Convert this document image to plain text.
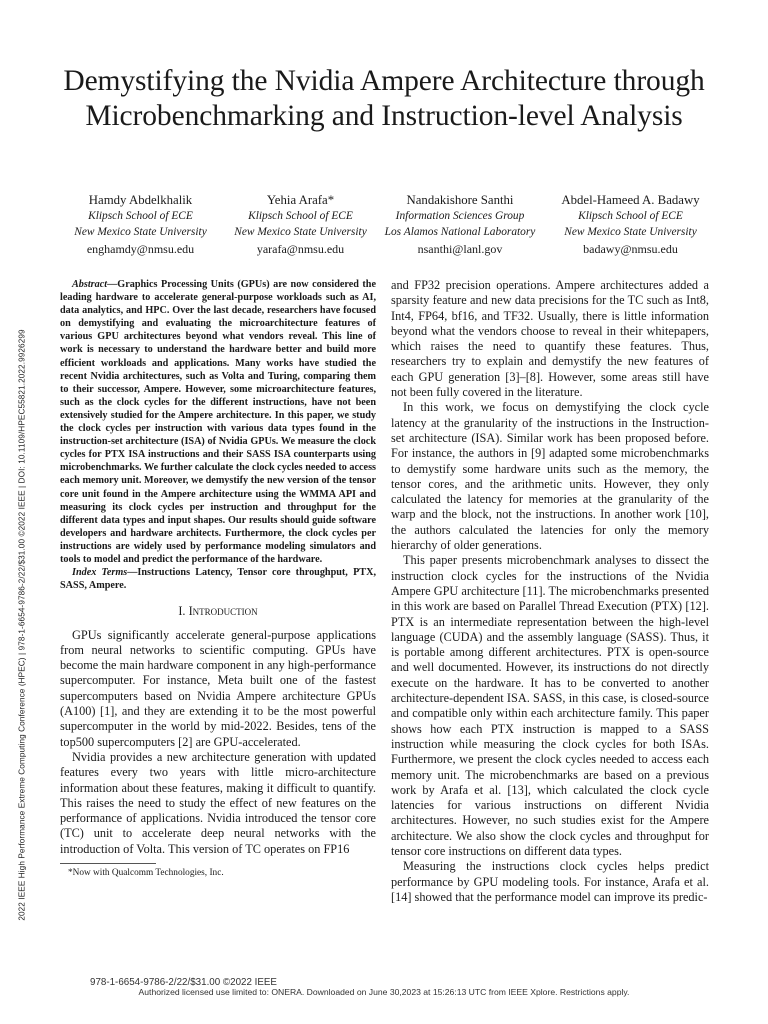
Demystifying the Nvidia Ampere Architecture through Microbenchmarking and Instruction-level Analysis
Hamdy Abdelkhalik
Klipsch School of ECE
New Mexico State University
enghamdy@nmsu.edu
Yehia Arafa*
Klipsch School of ECE
New Mexico State University
yarafa@nmsu.edu
Nandakishore Santhi
Information Sciences Group
Los Alamos National Laboratory
nsanthi@lanl.gov
Abdel-Hameed A. Badawy
Klipsch School of ECE
New Mexico State University
badawy@nmsu.edu
2022 IEEE High Performance Extreme Computing Conference (HPEC) | 978-1-6654-9786-2/22/$31.00 ©2022 IEEE | DOI: 10.1109/HPEC55821.2022.9926299

Abstract—Graphics Processing Units (GPUs) are now considered the leading hardware to accelerate general-purpose workloads such as AI, data analytics, and HPC. Over the last decade, researchers have focused on demystifying and evaluating the microarchitecture features of various GPU architectures beyond what vendors reveal. This line of work is necessary to understand the hardware better and build more efficient workloads and applications. Many works have studied the recent Nvidia architectures, such as Volta and Turing, comparing them to their successor, Ampere. However, some microarchitecture features, such as the clock cycles for the different instructions, have not been extensively studied for the Ampere architecture. In this paper, we study the clock cycles per instruction with various data types found in the instruction-set architecture (ISA) of Nvidia GPUs. We measure the clock cycles for PTX ISA instructions and their SASS ISA counterparts using microbenchmarks. We further calculate the clock cycles needed to access each memory unit. Moreover, we demystify the new version of the tensor core unit found in the Ampere architecture using the WMMA API and measuring its clock cycles per instruction and throughput for the different data types and input shapes. Our results should guide software developers and hardware architects. Furthermore, the clock cycles per instructions are widely used by performance modeling simulators and tools to model and predict the performance of the hardware.

Index Terms—Instructions Latency, Tensor core throughput, PTX, SASS, Ampere.

I. Introduction

GPUs significantly accelerate general-purpose applications from neural networks to scientific computing. GPUs have become the main hardware component in any high-performance supercomputer. For instance, Meta built one of the fastest supercomputers based on Nvidia Ampere architecture GPUs (A100) [1], and they are extending it to be the most powerful supercomputer in the world by mid-2022. Besides, tens of the top500 supercomputers [2] are GPU-accelerated.

Nvidia provides a new architecture generation with updated features every two years with little micro-architecture information about these features, making it difficult to quantify. This raises the need to study the effect of new features on the performance of applications. Nvidia introduced the tensor core (TC) unit to accelerate deep neural networks with the introduction of Volta. This version of TC operates on FP16

*Now with Qualcomm Technologies, Inc.

and FP32 precision operations. Ampere architectures added a sparsity feature and new data precisions for the TC such as Int8, Int4, FP64, bf16, and TF32. Usually, there is little information beyond what the vendors choose to reveal in their whitepapers, which raises the need to quantify these features. Thus, researchers try to explain and demystify the new features of each GPU generation [3]–[8]. However, some areas still have not been fully covered in the literature.

In this work, we focus on demystifying the clock cycle latency at the granularity of the instructions in the Instruction-set architecture (ISA). Similar work has been proposed before. For instance, the authors in [9] adapted some microbenchmarks to demystify some hardware units such as the memory, the tensor cores, and the arithmetic units. However, they only calculated the latency for memories at the granularity of the warp and the block, not the instructions. In another work [10], the authors calculated the latencies for only the memory hierarchy of older generations.

This paper presents microbenchmark analyses to dissect the instruction clock cycles for the instructions of the Nvidia Ampere GPU architecture [11]. The microbenchmarks presented in this work are based on Parallel Thread Execution (PTX) [12]. PTX is an intermediate representation between the high-level language (CUDA) and the assembly language (SASS). Thus, it is portable among different architectures. PTX is open-source and well documented. However, its instructions do not directly execute on the hardware. It has to be converted to another architecture-dependent ISA. SASS, in this case, is closed-source and compatible only within each architecture family. This paper shows how each PTX instruction is mapped to a SASS instruction while measuring the clock cycles for both ISAs. Furthermore, we present the clock cycles needed to access each memory unit. The microbenchmarks are based on a previous work by Arafa et al. [13], which calculated the clock cycle latencies for various instructions on different Nvidia architectures. However, no such studies exist for the Ampere architecture. We also show the clock cycles and throughput for tensor core instructions on different data types.

Measuring the instructions clock cycles helps predict performance by GPU modeling tools. For instance, Arafa et al. [14] showed that the performance model can improve its predic-

978-1-6654-9786-2/22/$31.00 ©2022 IEEE
Authorized licensed use limited to: ONERA. Downloaded on June 30,2023 at 15:26:13 UTC from IEEE Xplore. Restrictions apply.
